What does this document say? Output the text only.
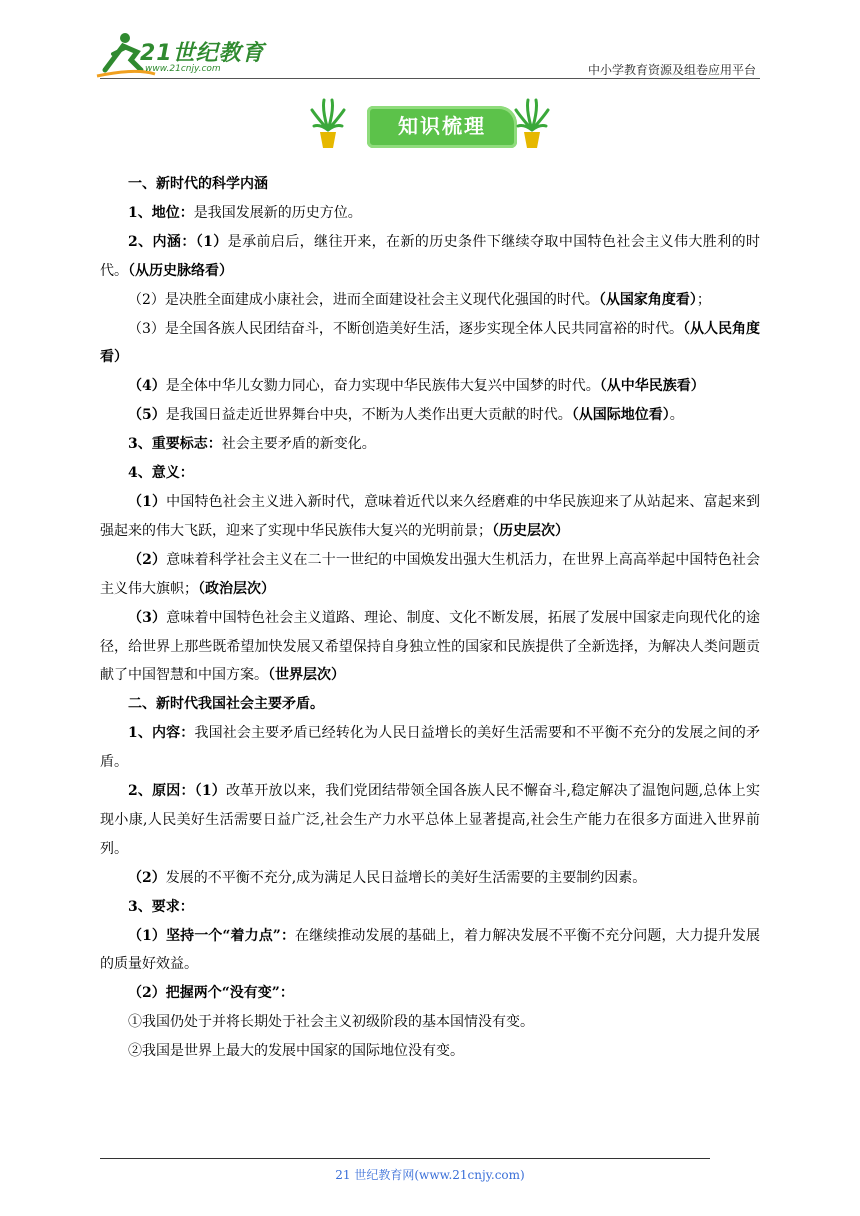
21世纪教育
www.21cnjy.com	中小学教育资源及组卷应用平台
知识梳理

一、新时代的科学内涵

1、地位：是我国发展新的历史方位。

2、内涵：（1）是承前启后，继往开来，在新的历史条件下继续夺取中国特色社会主义伟大胜利的时代。（从历史脉络看）

（2）是决胜全面建成小康社会，进而全面建设社会主义现代化强国的时代。（从国家角度看）；

（3）是全国各族人民团结奋斗，不断创造美好生活，逐步实现全体人民共同富裕的时代。（从人民角度看）

（4）是全体中华儿女勠力同心，奋力实现中华民族伟大复兴中国梦的时代。（从中华民族看）

（5）是我国日益走近世界舞台中央，不断为人类作出更大贡献的时代。（从国际地位看）。

3、重要标志：社会主要矛盾的新变化。

4、意义：

（1）中国特色社会主义进入新时代，意味着近代以来久经磨难的中华民族迎来了从站起来、富起来到强起来的伟大飞跃，迎来了实现中华民族伟大复兴的光明前景；（历史层次）

（2）意味着科学社会主义在二十一世纪的中国焕发出强大生机活力，在世界上高高举起中国特色社会主义伟大旗帜；（政治层次）

（3）意味着中国特色社会主义道路、理论、制度、文化不断发展，拓展了发展中国家走向现代化的途径，给世界上那些既希望加快发展又希望保持自身独立性的国家和民族提供了全新选择，为解决人类问题贡献了中国智慧和中国方案。（世界层次）

二、新时代我国社会主要矛盾。

1、内容：我国社会主要矛盾已经转化为人民日益增长的美好生活需要和不平衡不充分的发展之间的矛盾。

2、原因：（1）改革开放以来，我们党团结带领全国各族人民不懈奋斗,稳定解决了温饱问题,总体上实现小康,人民美好生活需要日益广泛,社会生产力水平总体上显著提高,社会生产能力在很多方面进入世界前列。

（2）发展的不平衡不充分,成为满足人民日益增长的美好生活需要的主要制约因素。

3、要求：

（1）坚持一个“着力点”：在继续推动发展的基础上，着力解决发展不平衡不充分问题，大力提升发展的质量好效益。

（2）把握两个“没有变”：

①我国仍处于并将长期处于社会主义初级阶段的基本国情没有变。

②我国是世界上最大的发展中国家的国际地位没有变。

21 世纪教育网(www.21cnjy.com)
